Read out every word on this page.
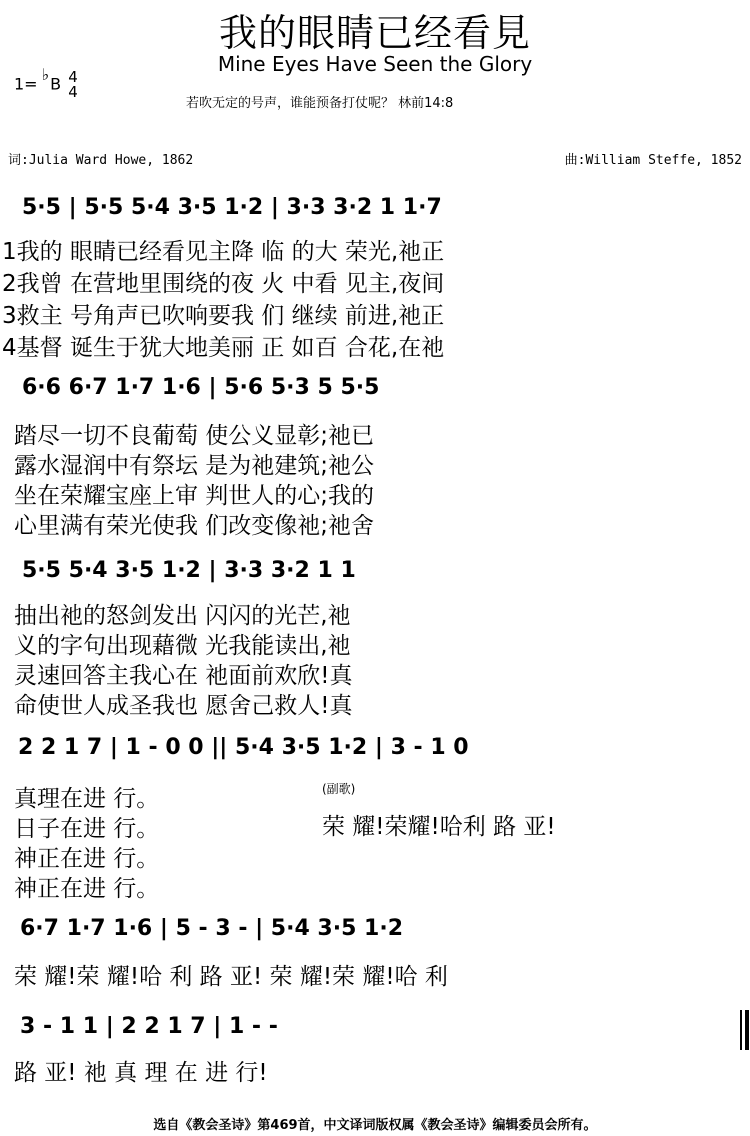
我的眼睛已经看見
Mine Eyes Have Seen the Glory
1=♭B 4
4
若吹无定的号声，谁能预备打仗呢？ 林前14:8
词:Julia Ward Howe, 1862	曲:William Steffe, 1852
5·5 | 5·5 5·4 3·5 1·2 | 3·3 3·2 1 1·7
1我的 眼睛已经看见主降 临 的大 荣光,祂正
2我曾 在营地里围绕的夜 火 中看 见主,夜间
3救主 号角声已吹响要我 们 继续 前进,祂正
4基督 诞生于犹大地美丽 正 如百 合花,在祂
6·6 6·7 1·7 1·6 | 5·6 5·3 5 5·5
踏尽一切不良葡萄 使公义显彰;祂已
露水湿润中有祭坛 是为祂建筑;祂公
坐在荣耀宝座上审 判世人的心;我的
心里满有荣光使我 们改变像祂;祂舍
5·5 5·4 3·5 1·2 | 3·3 3·2 1 1
抽出祂的怒剑发出 闪闪的光芒,祂
义的字句出现藉微 光我能读出,祂
灵速回答主我心在 祂面前欢欣!真
命使世人成圣我也 愿舍己救人!真
2 2 1 7 | 1 - 0 0 || 5·4 3·5 1·2 | 3 - 1 0
真理在进 行。
日子在进 行。
神正在进 行。
神正在进 行。
(副歌)
荣 耀!荣耀!哈利 路 亚!
6·7 1·7 1·6 | 5 - 3 - | 5·4 3·5 1·2
荣 耀!荣 耀!哈 利 路 亚! 荣 耀!荣 耀!哈 利
3 - 1 1 | 2 2 1 7 | 1 - -
路 亚! 祂 真 理 在 进 行!
选自《教会圣诗》第469首，中文译词版权属《教会圣诗》编辑委员会所有。
